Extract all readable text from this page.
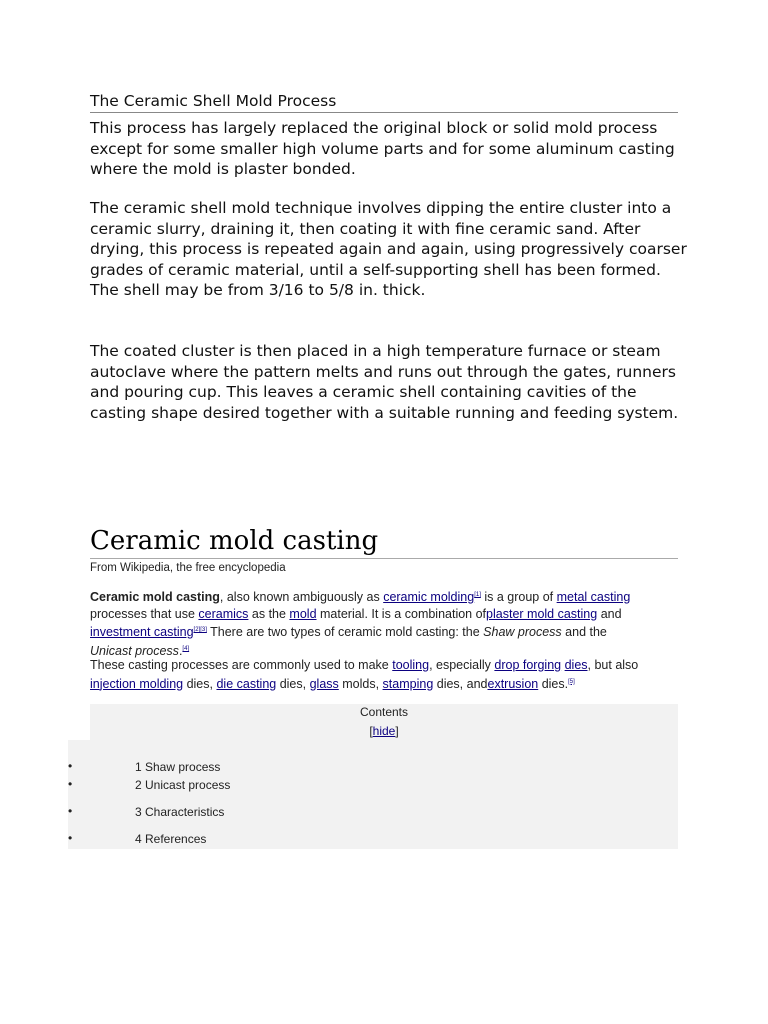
The Ceramic Shell Mold Process

This process has largely replaced the original block or solid mold process except for some smaller high volume parts and for some aluminum casting where the mold is plaster bonded.

The ceramic shell mold technique involves dipping the entire cluster into a ceramic slurry, draining it, then coating it with fine ceramic sand. After drying, this process is repeated again and again, using progressively coarser grades of ceramic material, until a self-supporting shell has been formed. The shell may be from 3/16 to 5/8 in. thick.

The coated cluster is then placed in a high temperature furnace or steam autoclave where the pattern melts and runs out through the gates, runners and pouring cup. This leaves a ceramic shell containing cavities of the casting shape desired together with a suitable running and feeding system.

Ceramic mold casting
From Wikipedia, the free encyclopedia

Ceramic mold casting, also known ambiguously as ceramic molding[1] is a group of metal casting processes that use ceramics as the mold material. It is a combination ofplaster mold casting and investment casting[2][3] There are two types of ceramic mold casting: the Shaw process and the Unicast process.[4]

These casting processes are commonly used to make tooling, especially drop forging dies, but also injection molding dies, die casting dies, glass molds, stamping dies, andextrusion dies.[5]

Contents
[hide]
•	1 Shaw process
•	2 Unicast process
•	3 Characteristics
•	4 References
